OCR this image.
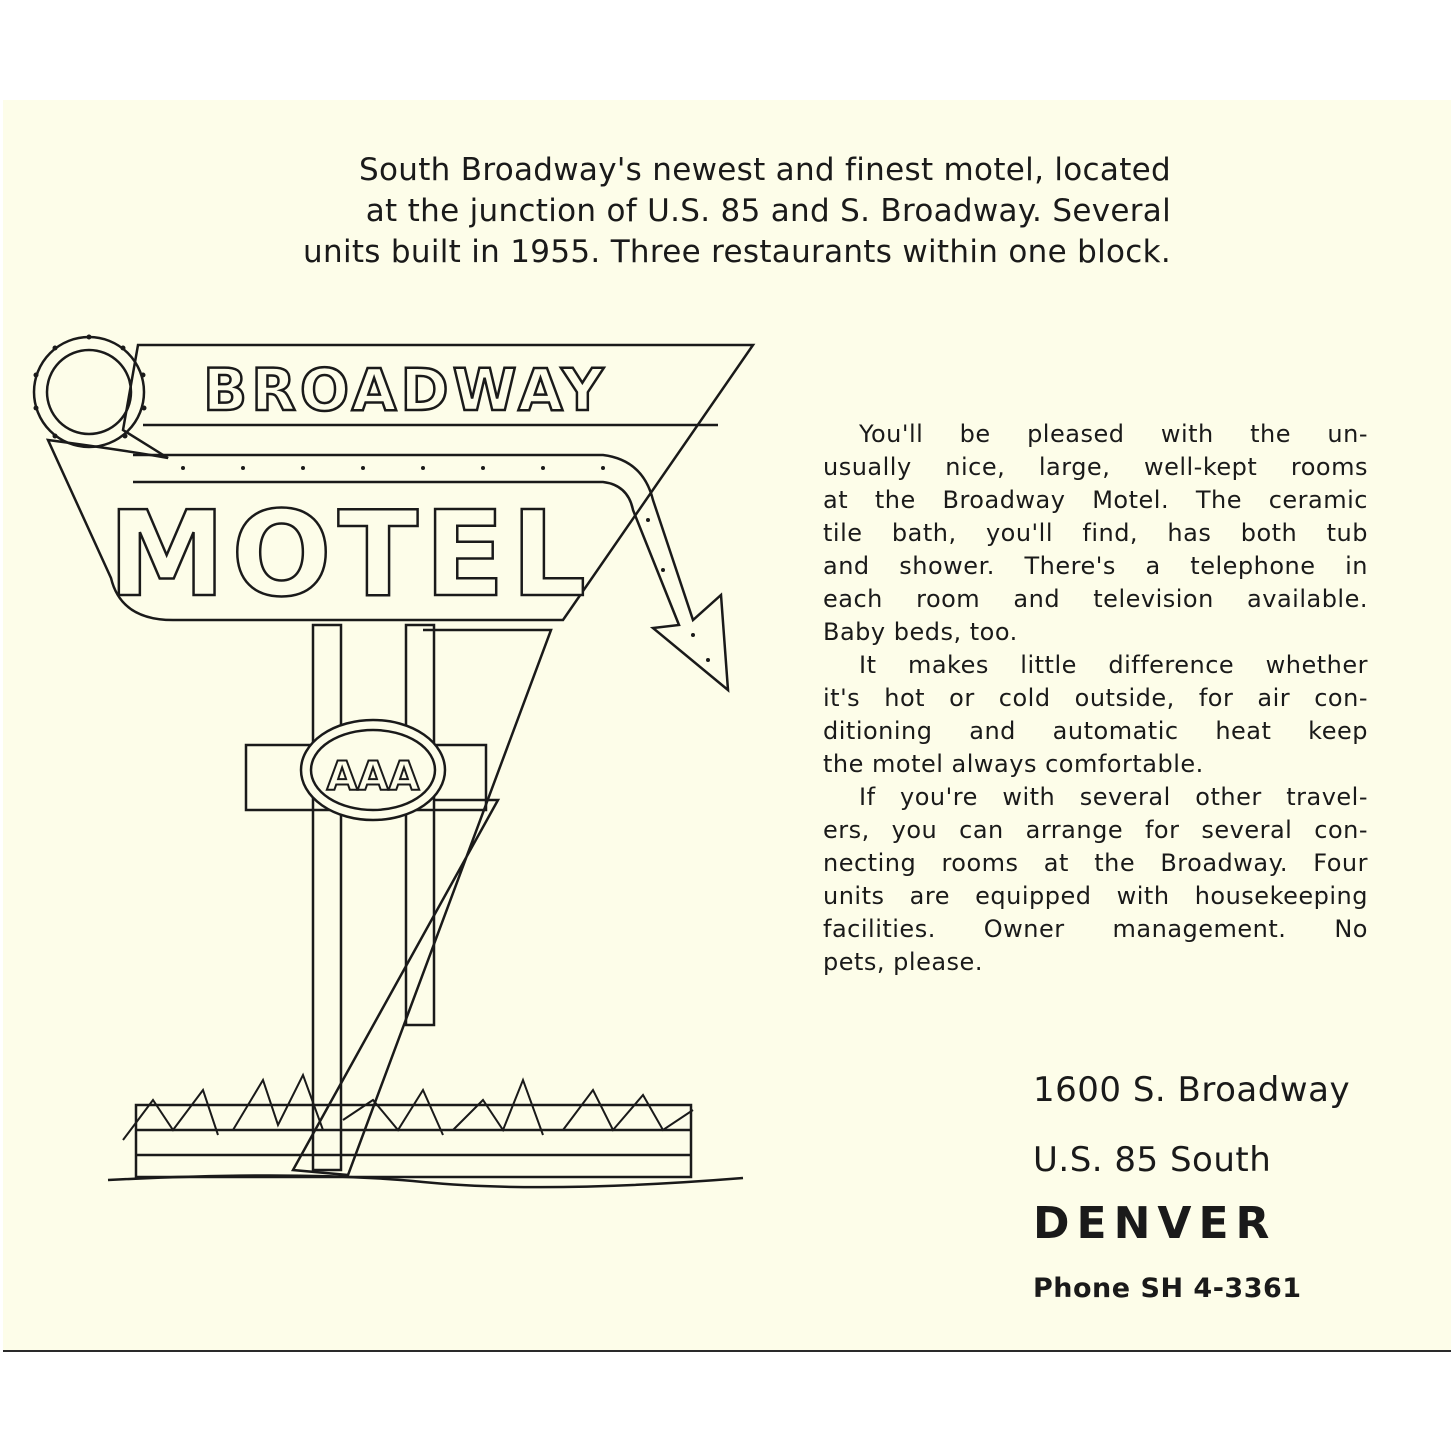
South Broadway's newest and finest motel, located
at the junction of U.S. 85 and S. Broadway. Several
units built in 1955. Three restaurants within one block.

BROADWAY
MOTEL
AAA

You'll be pleased with the un-
usually nice, large, well-kept rooms
at the Broadway Motel. The ceramic
tile bath, you'll find, has both tub
and shower. There's a telephone in
each room and television available.
Baby beds, too.
It makes little difference whether
it's hot or cold outside, for air con-
ditioning and automatic heat keep
the motel always comfortable.
If you're with several other travel-
ers, you can arrange for several con-
necting rooms at the Broadway. Four
units are equipped with housekeeping
facilities. Owner management. No
pets, please.

1600 S. Broadway
U.S. 85 South
DENVER
Phone SH 4-3361
